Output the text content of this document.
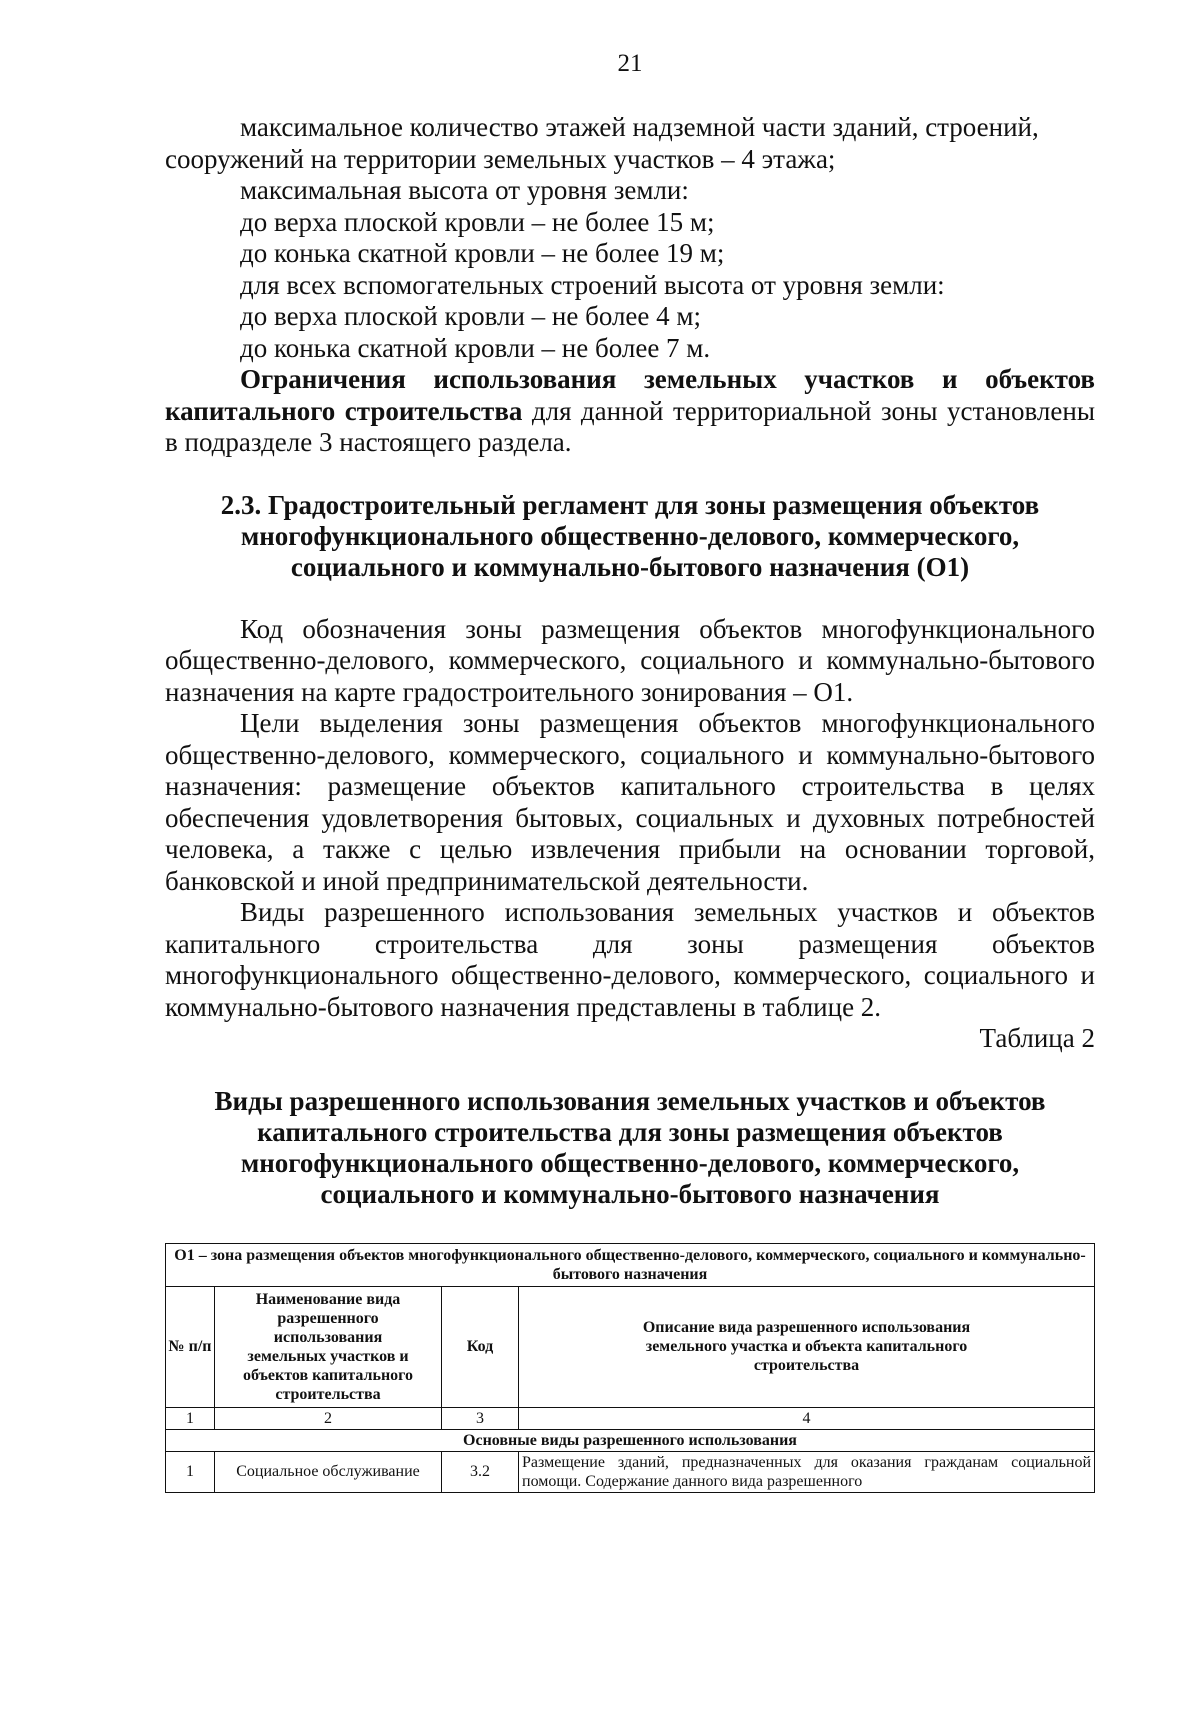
21

максимальное количество этажей надземной части зданий, строений,

сооружений на территории земельных участков – 4 этажа;

максимальная высота от уровня земли:

до верха плоской кровли – не более 15 м;

до конька скатной кровли – не более 19 м;

для всех вспомогательных строений высота от уровня земли:

до верха плоской кровли – не более 4 м;

до конька скатной кровли – не более 7 м.

Ограничения использования земельных участков и объектов капитального строительства для данной территориальной зоны установлены в подразделе 3 настоящего раздела.

2.3. Градостроительный регламент для зоны размещения объектов многофункционального общественно-делового, коммерческого, социального и коммунально-бытового назначения (О1)

Код обозначения зоны размещения объектов многофункционального общественно-делового, коммерческого, социального и коммунально-бытового назначения на карте градостроительного зонирования – О1.

Цели выделения зоны размещения объектов многофункционального общественно-делового, коммерческого, социального и коммунально-бытового назначения: размещение объектов капитального строительства в целях обеспечения удовлетворения бытовых, социальных и духовных потребностей человека, а также с целью извлечения прибыли на основании торговой, банковской и иной предпринимательской деятельности.

Виды разрешенного использования земельных участков и объектов капитального строительства для зоны размещения объектов многофункционального общественно-делового, коммерческого, социального и коммунально-бытового назначения представлены в таблице 2.

Таблица 2

Виды разрешенного использования земельных участков и объектов капитального строительства для зоны размещения объектов многофункционального общественно-делового, коммерческого, социального и коммунально-бытового назначения

О1 – зона размещения объектов многофункционального общественно-делового, коммерческого, социального и коммунально-бытового назначения			
№ п/п	Наименование вида разрешенного использования земельных участков и объектов капитального строительства	Код	Описание вида разрешенного использования земельного участка и объекта капитального строительства
1	2	3	4
Основные виды разрешенного использования			
1	Социальное обслуживание	3.2	Размещение зданий, предназначенных для оказания гражданам социальной помощи. Содержание данного вида разрешенного
